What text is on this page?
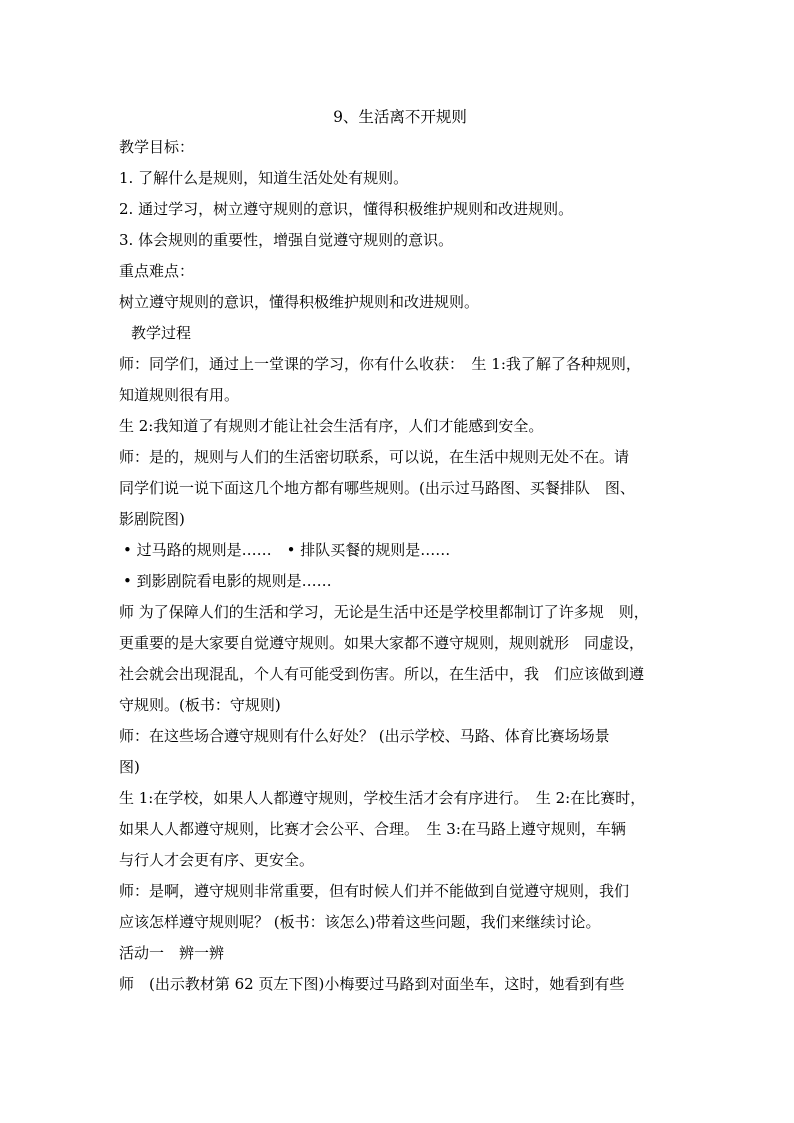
9、生活离不开规则

教学目标：

1. 了解什么是规则，知道生活处处有规则。

2. 通过学习，树立遵守规则的意识，懂得积极维护规则和改进规则。

3. 体会规则的重要性，增强自觉遵守规则的意识。

重点难点：

树立遵守规则的意识，懂得积极维护规则和改进规则。

教学过程

师：同学们，通过上一堂课的学习，你有什么收获：　生 1:我了解了各种规则，

知道规则很有用。

生 2:我知道了有规则才能让社会生活有序，人们才能感到安全。

师：是的，规则与人们的生活密切联系，可以说，在生活中规则无处不在。请

同学们说一说下面这几个地方都有哪些规则。(出示过马路图、买餐排队　图、

影剧院图)

• 过马路的规则是……　• 排队买餐的规则是……

• 到影剧院看电影的规则是……

师 为了保障人们的生活和学习，无论是生活中还是学校里都制订了许多规　则，

更重要的是大家要自觉遵守规则。如果大家都不遵守规则，规则就形　同虚设，

社会就会出现混乱，个人有可能受到伤害。所以，在生活中，我　们应该做到遵

守规则。(板书：守规则)

师：在这些场合遵守规则有什么好处？ (出示学校、马路、体育比赛场场景

图)

生 1:在学校，如果人人都遵守规则，学校生活才会有序进行。　生 2:在比赛时，

如果人人都遵守规则，比赛才会公平、合理。　生 3:在马路上遵守规则，车辆

与行人才会更有序、更安全。

师：是啊，遵守规则非常重要，但有时候人们并不能做到自觉遵守规则，我们

应该怎样遵守规则呢？ (板书：该怎么)带着这些问题，我们来继续讨论。

活动一　辨一辨

师　(出示教材第 62 页左下图)小梅要过马路到对面坐车，这时，她看到有些
